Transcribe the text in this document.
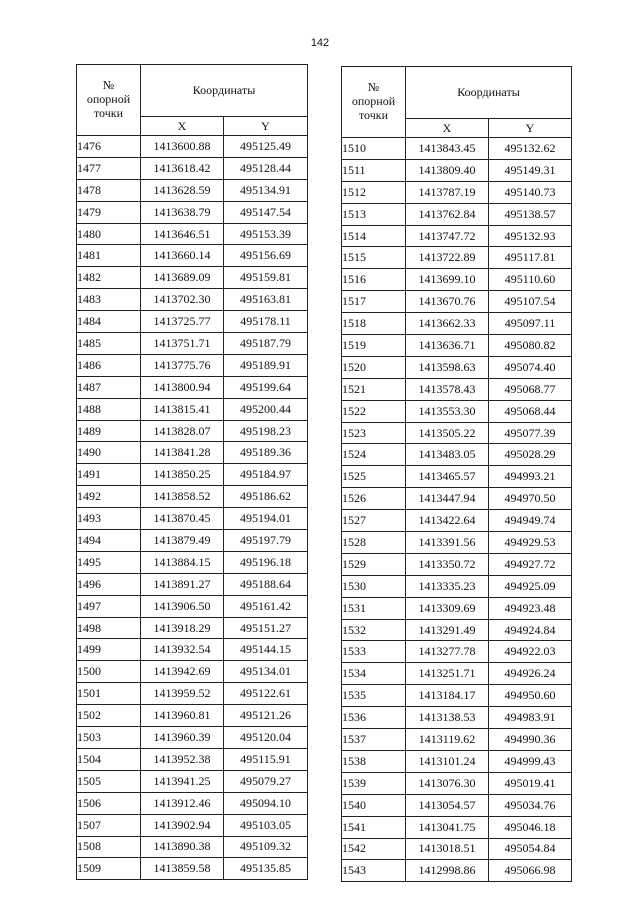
142
№
опорной
точки	Координаты	
	X	Y
1476	1413600.88	495125.49
1477	1413618.42	495128.44
1478	1413628.59	495134.91
1479	1413638.79	495147.54
1480	1413646.51	495153.39
1481	1413660.14	495156.69
1482	1413689.09	495159.81
1483	1413702.30	495163.81
1484	1413725.77	495178.11
1485	1413751.71	495187.79
1486	1413775.76	495189.91
1487	1413800.94	495199.64
1488	1413815.41	495200.44
1489	1413828.07	495198.23
1490	1413841.28	495189.36
1491	1413850.25	495184.97
1492	1413858.52	495186.62
1493	1413870.45	495194.01
1494	1413879.49	495197.79
1495	1413884.15	495196.18
1496	1413891.27	495188.64
1497	1413906.50	495161.42
1498	1413918.29	495151.27
1499	1413932.54	495144.15
1500	1413942.69	495134.01
1501	1413959.52	495122.61
1502	1413960.81	495121.26
1503	1413960.39	495120.04
1504	1413952.38	495115.91
1505	1413941.25	495079.27
1506	1413912.46	495094.10
1507	1413902.94	495103.05
1508	1413890.38	495109.32
1509	1413859.58	495135.85
№
опорной
точки	Координаты	
	X	Y
1510	1413843.45	495132.62
1511	1413809.40	495149.31
1512	1413787.19	495140.73
1513	1413762.84	495138.57
1514	1413747.72	495132.93
1515	1413722.89	495117.81
1516	1413699.10	495110.60
1517	1413670.76	495107.54
1518	1413662.33	495097.11
1519	1413636.71	495080.82
1520	1413598.63	495074.40
1521	1413578.43	495068.77
1522	1413553.30	495068.44
1523	1413505.22	495077.39
1524	1413483.05	495028.29
1525	1413465.57	494993.21
1526	1413447.94	494970.50
1527	1413422.64	494949.74
1528	1413391.56	494929.53
1529	1413350.72	494927.72
1530	1413335.23	494925.09
1531	1413309.69	494923.48
1532	1413291.49	494924.84
1533	1413277.78	494922.03
1534	1413251.71	494926.24
1535	1413184.17	494950.60
1536	1413138.53	494983.91
1537	1413119.62	494990.36
1538	1413101.24	494999.43
1539	1413076.30	495019.41
1540	1413054.57	495034.76
1541	1413041.75	495046.18
1542	1413018.51	495054.84
1543	1412998.86	495066.98
